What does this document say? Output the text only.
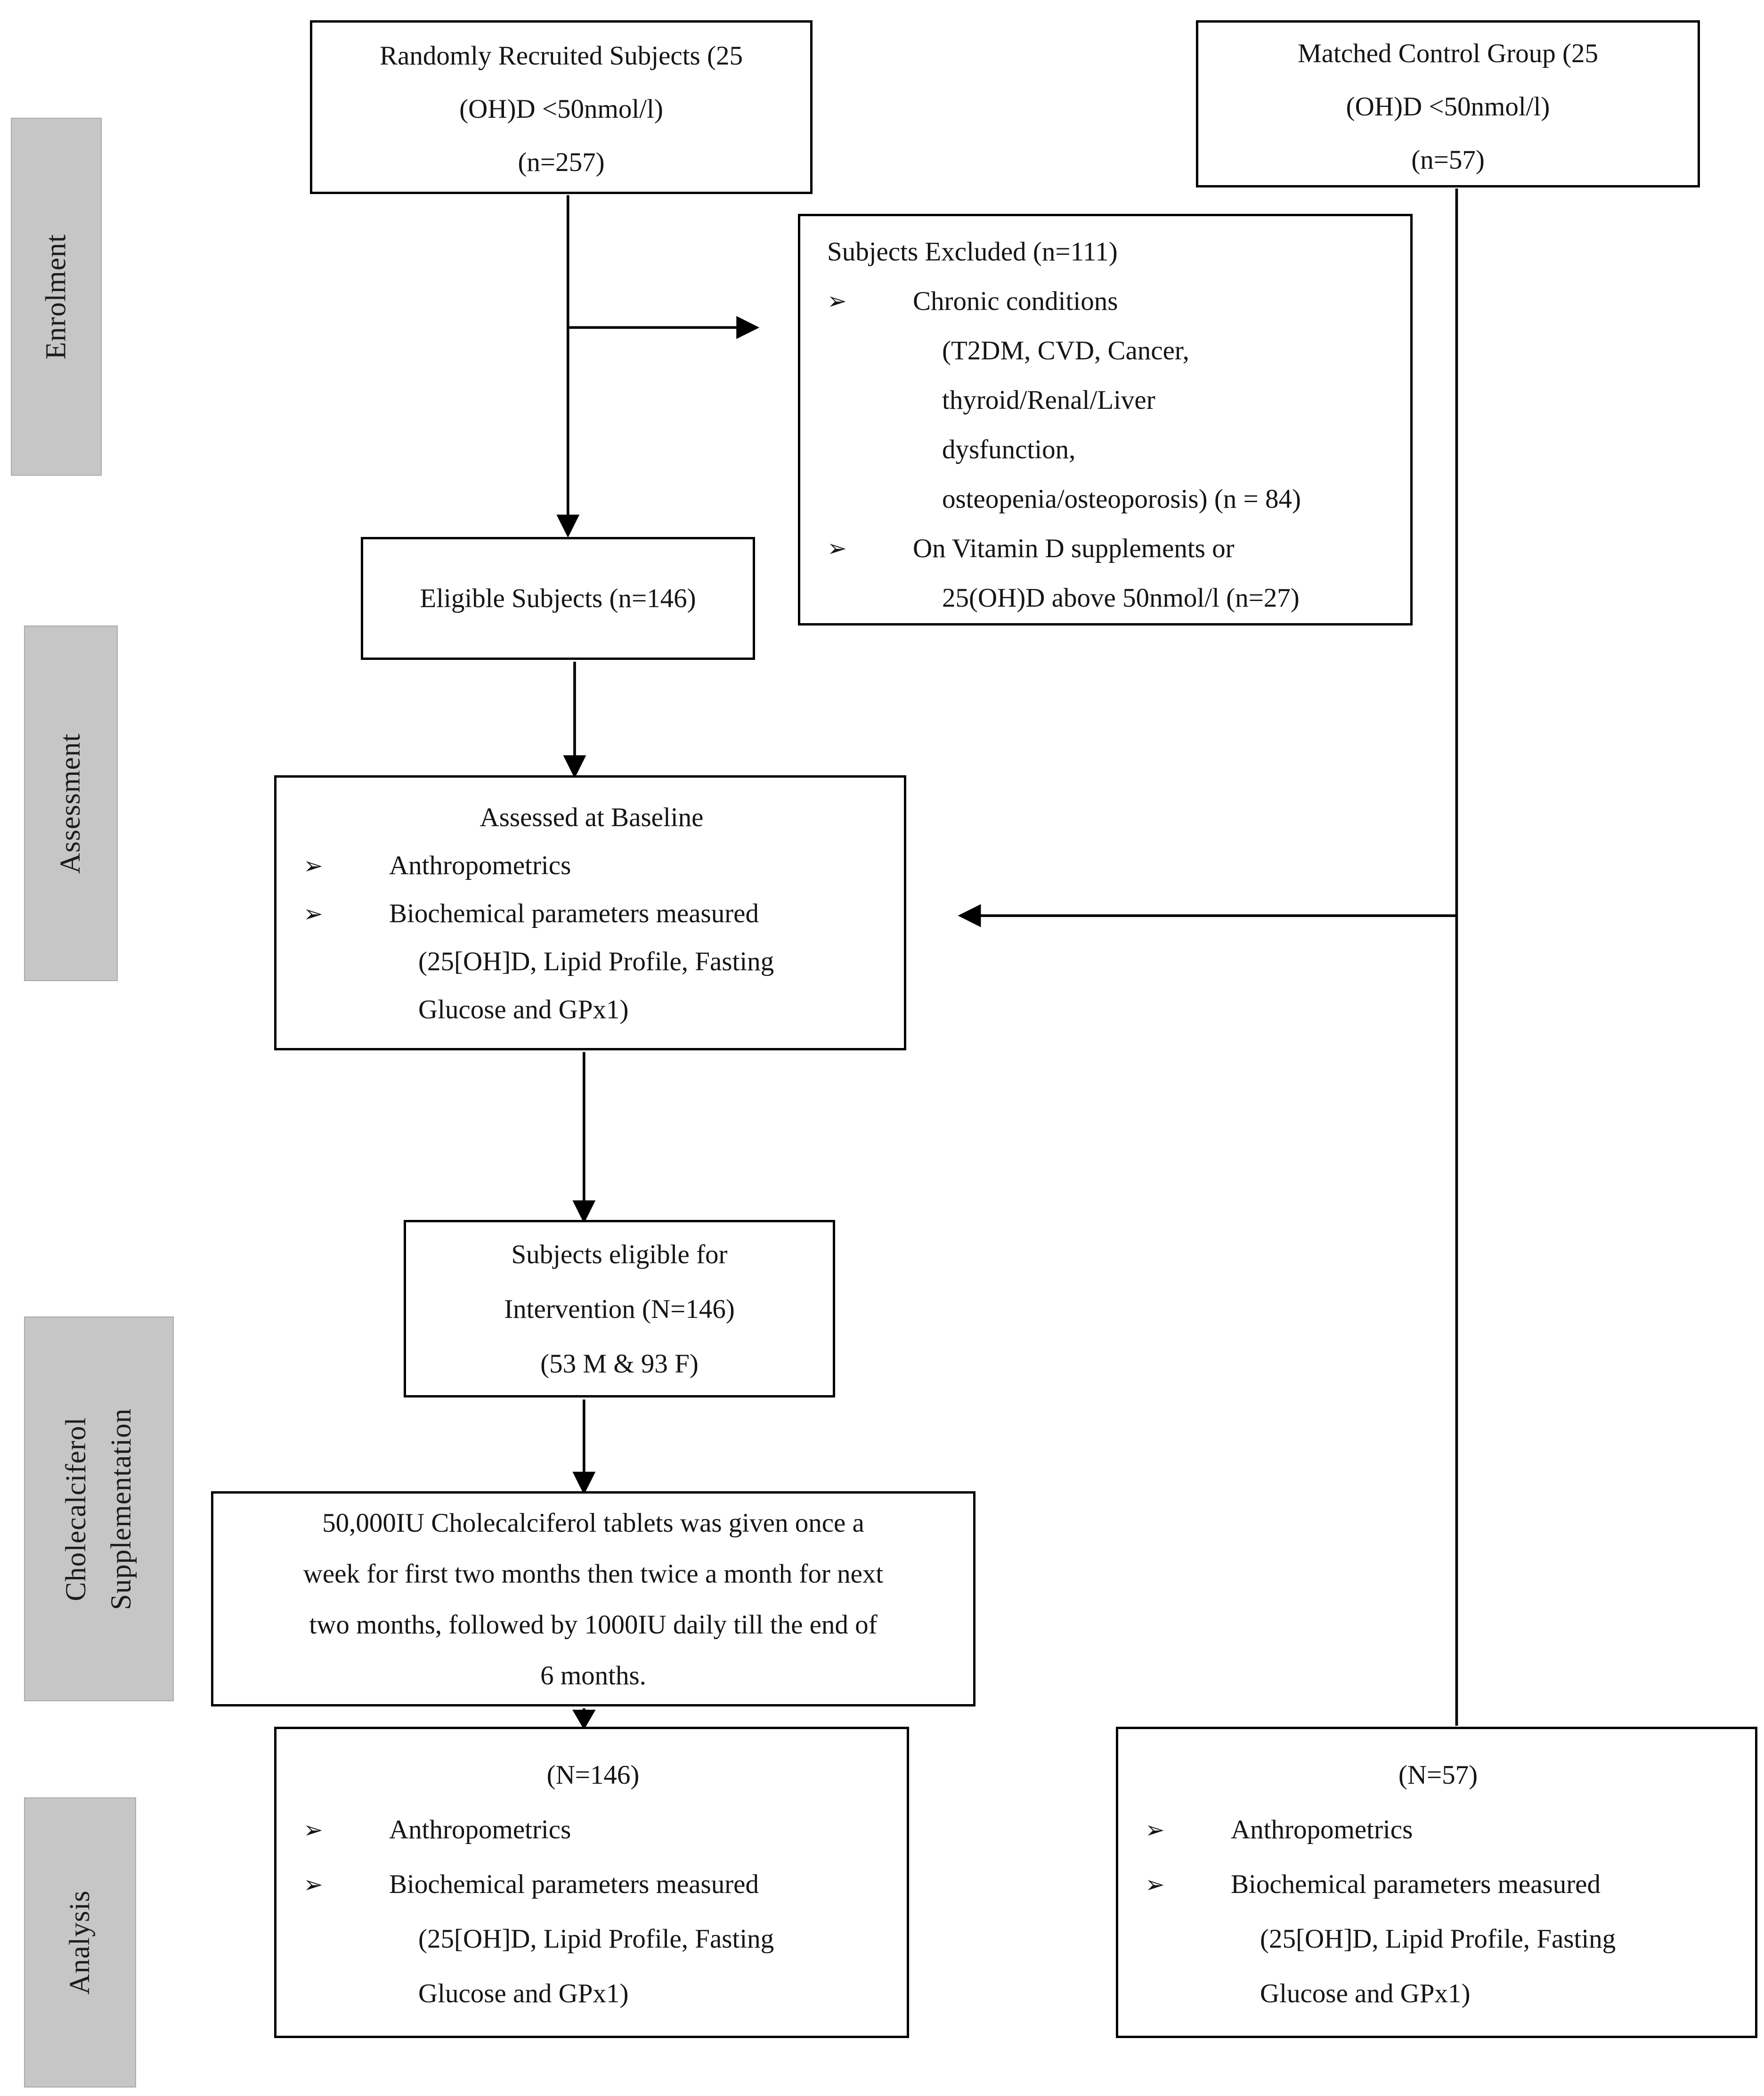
Enrolment
Assessment
Cholecalciferol Supplementation
Analysis
Randomly Recruited Subjects (25
(OH)D <50nmol/l)
(n=257)
Matched Control Group (25
(OH)D <50nmol/l)
(n=57)
Subjects Excluded (n=111)
➢	Chronic conditions
(T2DM, CVD, Cancer,
thyroid/Renal/Liver
dysfunction,
osteopenia/osteoporosis) (n = 84)
➢	On Vitamin D supplements or
25(OH)D above 50nmol/l (n=27)
Eligible Subjects (n=146)
Assessed at Baseline
➢	Anthropometrics
➢	Biochemical parameters measured
(25[OH]D, Lipid Profile, Fasting
Glucose and GPx1)
Subjects eligible for
Intervention (N=146)
(53 M & 93 F)
50,000IU Cholecalciferol tablets was given once a
week for first two months then twice a month for next
two months, followed by 1000IU daily till the end of
6 months.
(N=146)
➢	Anthropometrics
➢	Biochemical parameters measured
(25[OH]D, Lipid Profile, Fasting
Glucose and GPx1)
(N=57)
➢	Anthropometrics
➢	Biochemical parameters measured
(25[OH]D, Lipid Profile, Fasting
Glucose and GPx1)
